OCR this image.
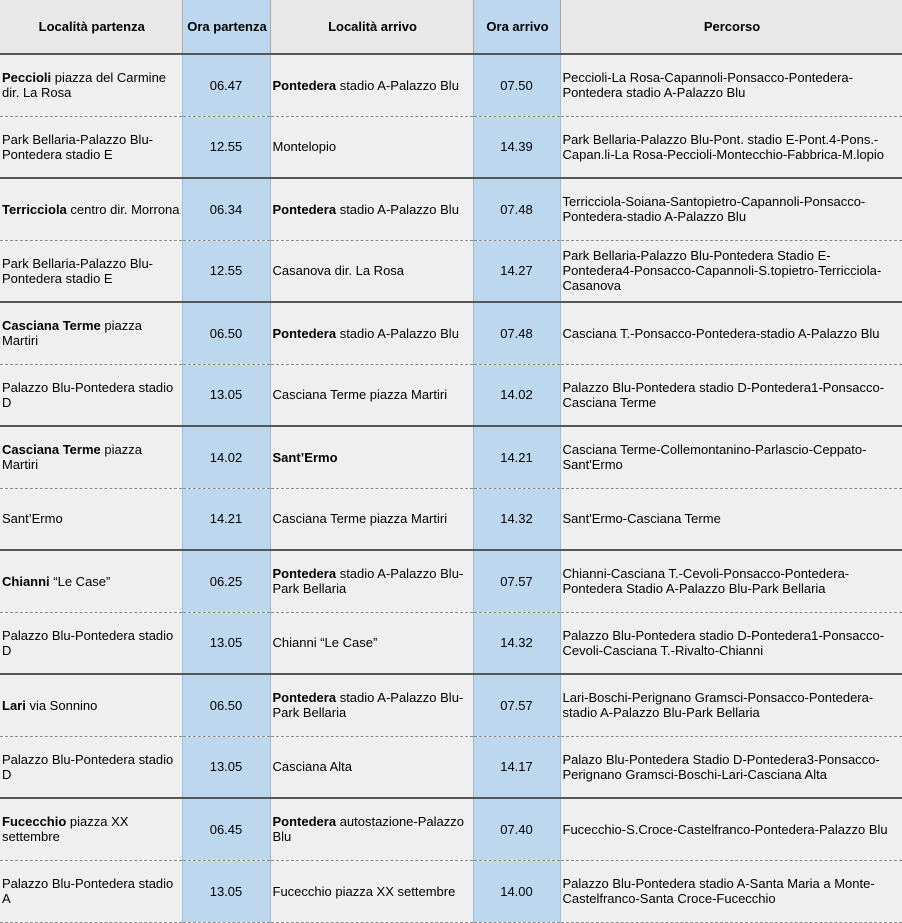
Località partenza	Ora partenza	Località arrivo	Ora arrivo	Percorso
Peccioli piazza del Carmine dir. La Rosa	06.47	Pontedera stadio A-Palazzo Blu	07.50	Peccioli-La Rosa-Capannoli-Ponsacco-Pontedera-Pontedera stadio A-Palazzo Blu
Park Bellaria-Palazzo Blu-Pontedera stadio E	12.55	Montelopio	14.39	Park Bellaria-Palazzo Blu-Pont. stadio E-Pont.4-Pons.-Capan.li-La Rosa-Peccioli-Montecchio-Fabbrica-M.lopio
Terricciola centro dir. Morrona	06.34	Pontedera stadio A-Palazzo Blu	07.48	Terricciola-Soiana-Santopietro-Capannoli-Ponsacco-Pontedera-stadio A-Palazzo Blu
Park Bellaria-Palazzo Blu-Pontedera stadio E	12.55	Casanova dir. La Rosa	14.27	Park Bellaria-Palazzo Blu-Pontedera Stadio E-Pontedera4-Ponsacco-Capannoli-S.topietro-Terricciola-Casanova
Casciana Terme piazza Martiri	06.50	Pontedera stadio A-Palazzo Blu	07.48	Casciana T.-Ponsacco-Pontedera-stadio A-Palazzo Blu
Palazzo Blu-Pontedera stadio D	13.05	Casciana Terme piazza Martiri	14.02	Palazzo Blu-Pontedera stadio D-Pontedera1-Ponsacco-Casciana Terme
Casciana Terme piazza Martiri	14.02	Sant’Ermo	14.21	Casciana Terme-Collemontanino-Parlascio-Ceppato-Sant'Ermo
Sant’Ermo	14.21	Casciana Terme piazza Martiri	14.32	Sant'Ermo-Casciana Terme
Chianni “Le Case”	06.25	Pontedera stadio A-Palazzo Blu-Park Bellaria	07.57	Chianni-Casciana T.-Cevoli-Ponsacco-Pontedera-Pontedera Stadio A-Palazzo Blu-Park Bellaria
Palazzo Blu-Pontedera stadio D	13.05	Chianni “Le Case”	14.32	Palazzo Blu-Pontedera stadio D-Pontedera1-Ponsacco-Cevoli-Casciana T.-Rivalto-Chianni
Lari via Sonnino	06.50	Pontedera stadio A-Palazzo Blu-Park Bellaria	07.57	Lari-Boschi-Perignano Gramsci-Ponsacco-Pontedera-stadio A-Palazzo Blu-Park Bellaria
Palazzo Blu-Pontedera stadio D	13.05	Casciana Alta	14.17	Palazo Blu-Pontedera Stadio D-Pontedera3-Ponsacco-Perignano Gramsci-Boschi-Lari-Casciana Alta
Fucecchio piazza XX settembre	06.45	Pontedera autostazione-Palazzo Blu	07.40	Fucecchio-S.Croce-Castelfranco-Pontedera-Palazzo Blu
Palazzo Blu-Pontedera stadio A	13.05	Fucecchio piazza XX settembre	14.00	Palazzo Blu-Pontedera stadio A-Santa Maria a Monte-Castelfranco-Santa Croce-Fucecchio
